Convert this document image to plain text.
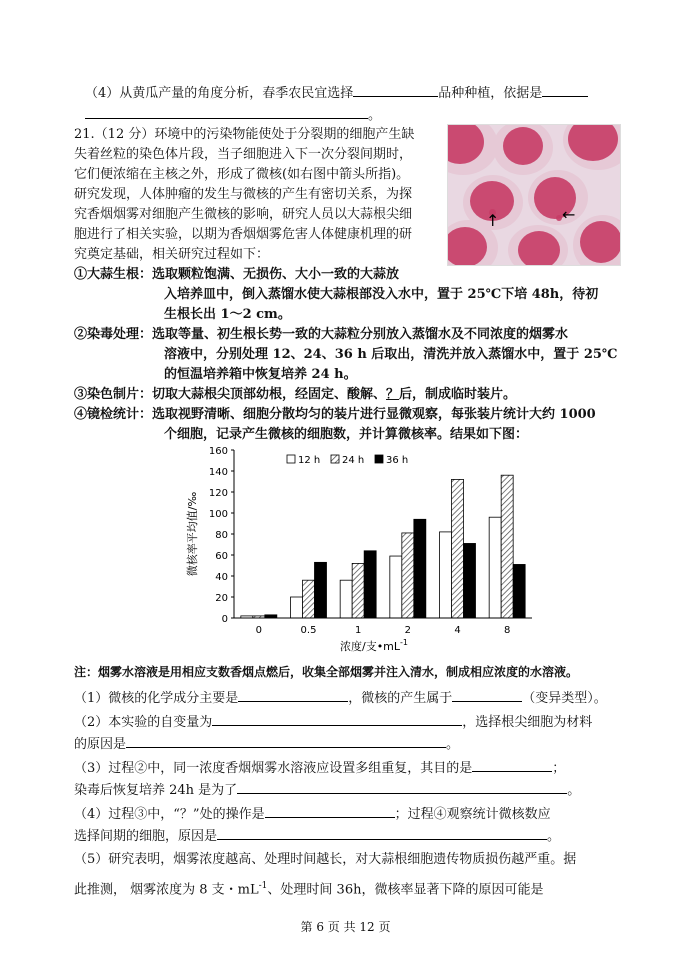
（4）从黄瓜产量的角度分析，春季农民宜选择	品种种植，依据是
。
21.（12 分）环境中的污染物能使处于分裂期的细胞产生缺
失着丝粒的染色体片段，当子细胞进入下一次分裂间期时，
它们便浓缩在主核之外，形成了微核(如右图中箭头所指)。
研究发现，人体肿瘤的发生与微核的产生有密切关系，为探
究香烟烟雾对细胞产生微核的影响，研究人员以大蒜根尖细
胞进行了相关实验，以期为香烟烟雾危害人体健康机理的研
究奠定基础，相关研究过程如下：
↑	←
①大蒜生根：选取颗粒饱满、无损伤、大小一致的大蒜放
入培养皿中，倒入蒸馏水使大蒜根部没入水中，置于 25℃下培 48h，待初
生根长出 1～2 cm。
②染毒处理：选取等量、初生根长势一致的大蒜粒分别放入蒸馏水及不同浓度的烟雾水
溶液中，分别处理 12、24、36 h 后取出，清洗并放入蒸馏水中，置于 25℃
的恒温培养箱中恢复培养 24 h。
③染色制片：切取大蒜根尖顶部幼根，经固定、酸解、？后，制成临时装片。
④镜检统计：选取视野清晰、细胞分散均匀的装片进行显微观察，每张装片统计大约 1000
个细胞，记录产生微核的细胞数，并计算微核率。结果如下图：
0
20
40
60
80
100
120
140
160
0	0.5	1	2	4	8
12 h 24 h 36 h
微核率平均值/‰
浓度/支$•mL^{-1}$
注：烟雾水溶液是用相应支数香烟点燃后，收集全部烟雾并注入清水，制成相应浓度的水溶液。
（1）微核的化学成分主要是	，微核的产生属于	（变异类型）。
（2）本实验的自变量为	，选择根尖细胞为材料
的原因是	。
（3）过程②中，同一浓度香烟烟雾水溶液应设置多组重复，其目的是	；
染毒后恢复培养 24h 是为了	。
（4）过程③中，“？”处的操作是	；过程④观察统计微核数应
选择间期的细胞，原因是	。
（5）研究表明，烟雾浓度越高、处理时间越长，对大蒜根细胞遗传物质损伤越严重。据
此推测， 烟雾浓度为 8 支・$mL^{-1}$、处理时间 36h，微核率显著下降的原因可能是
第 6 页 共 12 页
